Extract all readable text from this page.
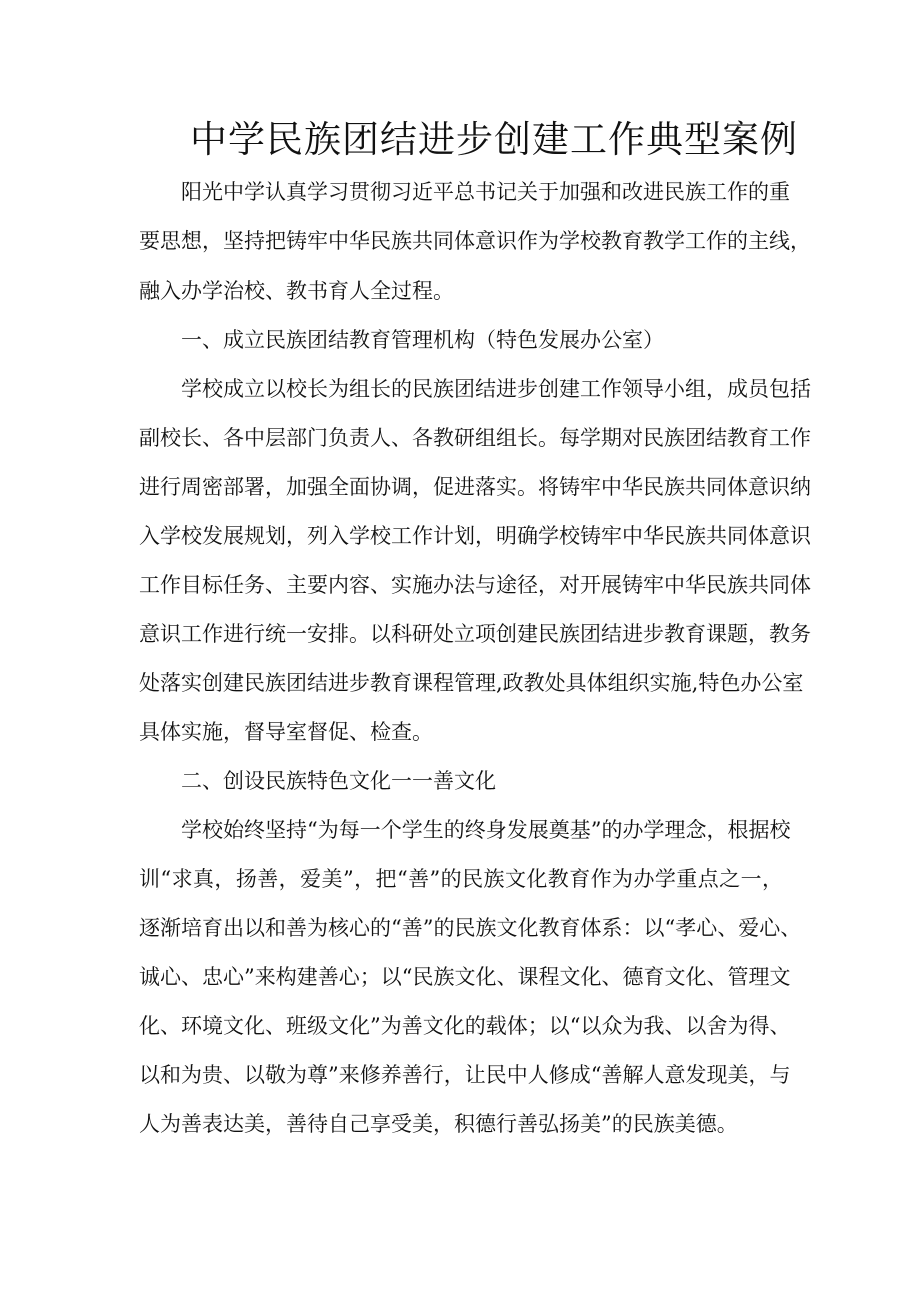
中学民族团结进步创建工作典型案例
阳光中学认真学习贯彻习近平总书记关于加强和改进民族工作的重
要思想，坚持把铸牢中华民族共同体意识作为学校教育教学工作的主线，
融入办学治校、教书育人全过程。
一、成立民族团结教育管理机构（特色发展办公室）
学校成立以校长为组长的民族团结进步创建工作领导小组，成员包括
副校长、各中层部门负责人、各教研组组长。每学期对民族团结教育工作
进行周密部署，加强全面协调，促进落实。将铸牢中华民族共同体意识纳
入学校发展规划，列入学校工作计划，明确学校铸牢中华民族共同体意识
工作目标任务、主要内容、实施办法与途径，对开展铸牢中华民族共同体
意识工作进行统一安排。以科研处立项创建民族团结进步教育课题，教务
处落实创建民族团结进步教育课程管理,政教处具体组织实施,特色办公室
具体实施，督导室督促、检查。
二、创设民族特色文化一一善文化
学校始终坚持“为每一个学生的终身发展奠基”的办学理念，根据校
训“求真，扬善，爱美”，把“善”的民族文化教育作为办学重点之一，
逐渐培育出以和善为核心的“善”的民族文化教育体系：以“孝心、爱心、
诚心、忠心”来构建善心；以“民族文化、课程文化、德育文化、管理文
化、环境文化、班级文化”为善文化的载体；以“以众为我、以舍为得、
以和为贵、以敬为尊”来修养善行，让民中人修成“善解人意发现美，与
人为善表达美，善待自己享受美，积德行善弘扬美”的民族美德。
